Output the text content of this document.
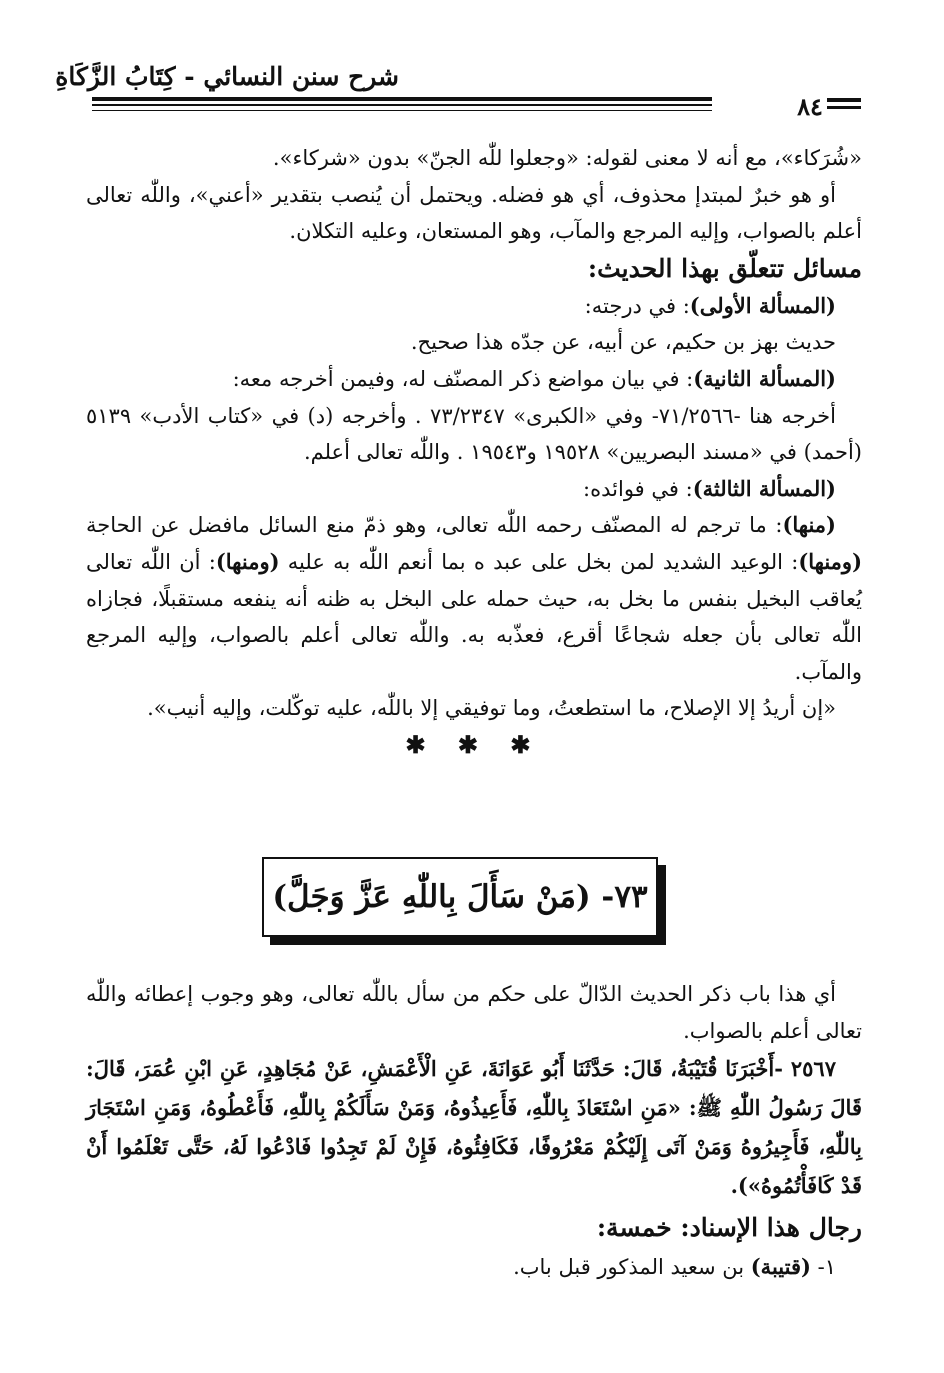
شرح سنن النسائي - كِتَابُ الزَّكَاةِ
٨٤

«شُرَكاء»، مع أنه لا معنى لقوله: «وجعلوا للّٰه الجنّ» بدون «شركاء».

أو هو خبرٌ لمبتدإ محذوف، أي هو فضله. ويحتمل أن يُنصب بتقدير «أعني»، واللّٰه تعالى أعلم بالصواب، وإليه المرجع والمآب، وهو المستعان، وعليه التكلان.

مسائل تتعلّق بهذا الحديث:

(المسألة الأولى): في درجته:

حديث بهز بن حكيم، عن أبيه، عن جدّه هذا صحيح.

(المسألة الثانية): في بيان مواضع ذكر المصنّف له، وفيمن أخرجه معه:

أخرجه هنا -٧١/٢٥٦٦- وفي «الكبرى» ٧٣/٢٣٤٧ . وأخرجه (د) في «كتاب الأدب» ٥١٣٩ (أحمد) في «مسند البصريين» ١٩٥٢٨ و١٩٥٤٣ . واللّٰه تعالى أعلم.

(المسألة الثالثة): في فوائده:

(منها): ما ترجم له المصنّف رحمه اللّٰه تعالى، وهو ذمّ منع السائل مافضل عن الحاجة (ومنها): الوعيد الشديد لمن بخل على عبد ه بما أنعم اللّٰه به عليه (ومنها): أن اللّٰه تعالى يُعاقب البخيل بنفس ما بخل به، حيث حمله على البخل به ظنه أنه ينفعه مستقبلًا، فجازاه اللّٰه تعالى بأن جعله شجاعًا أقرع، فعذّبه به. واللّٰه تعالى أعلم بالصواب، وإليه المرجع والمآب.

«إن أريدُ إلا الإصلاح، ما استطعتُ، وما توفيقي إلا باللّٰه، عليه توكّلت، وإليه أنيب».

✱ ✱ ✱

٧٣- (مَنْ سَأَلَ بِاللّٰهِ عَزَّ وَجَلَّ)

أي هذا باب ذكر الحديث الدّالّ على حكم من سأل باللّٰه تعالى، وهو وجوب إعطائه واللّٰه تعالى أعلم بالصواب.

٢٥٦٧ -أَخْبَرَنَا قُتَيْبَةُ، قَالَ: حَدَّثَنَا أَبُو عَوَانَةَ، عَنِ الْأَعْمَشِ، عَنْ مُجَاهِدٍ، عَنِ ابْنِ عُمَرَ، قَالَ: قَالَ رَسُولُ اللّٰهِ ﷺ: «مَنِ اسْتَعَاذَ بِاللّٰهِ، فَأَعِيذُوهُ، وَمَنْ سَأَلَكُمْ بِاللّٰهِ، فَأَعْطُوهُ، وَمَنِ اسْتَجَارَ بِاللّٰهِ، فَأَجِيرُوهُ وَمَنْ آتَى إِلَيْكُمْ مَعْرُوفًا، فَكَافِئُوهُ، فَإِنْ لَمْ تَجِدُوا فَادْعُوا لَهُ، حَتَّى تَعْلَمُوا أَنْ قَدْ كَافَأْتُمُوهُ»).

رجال هذا الإسناد: خمسة:

١- (قتيبة) بن سعيد المذكور قبل باب.
